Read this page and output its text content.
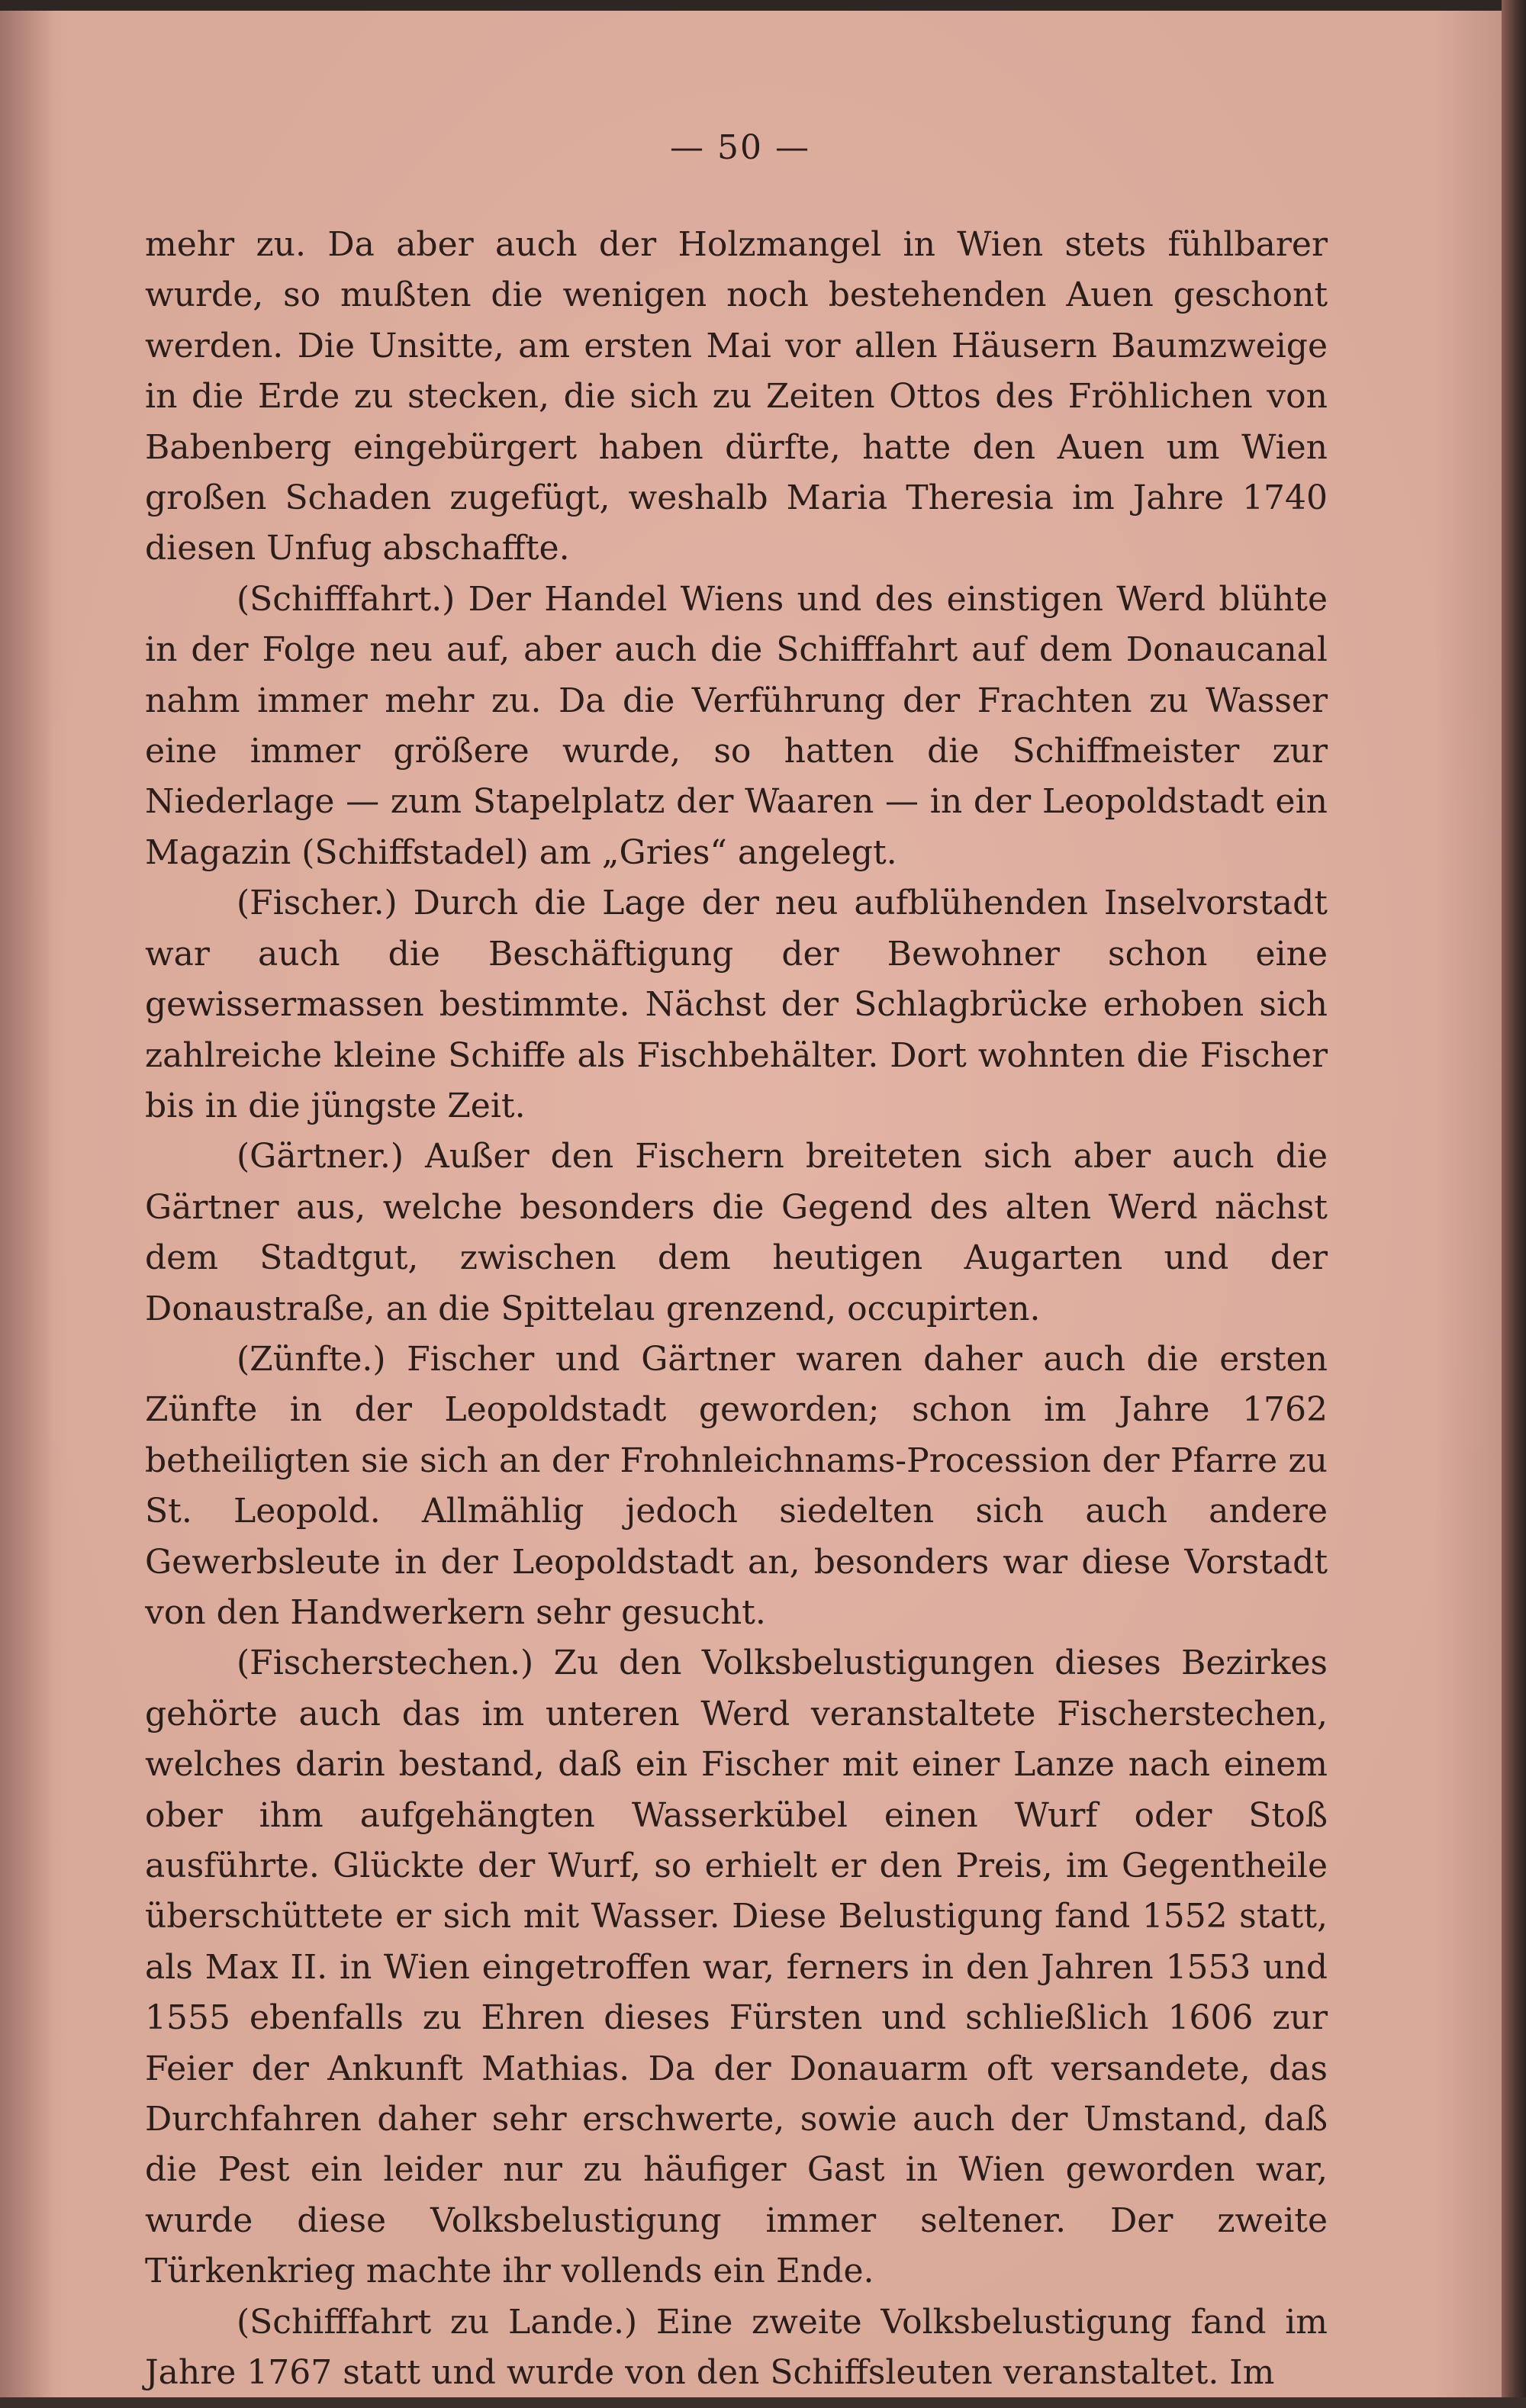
— 50 —

mehr zu. Da aber auch der Holzmangel in Wien stets fühlbarer wurde, so mußten die wenigen noch bestehenden Auen geschont werden. Die Unsitte, am ersten Mai vor allen Häusern Baumzweige in die Erde zu stecken, die sich zu Zeiten Ottos des Fröhlichen von Babenberg eingebürgert haben dürfte, hatte den Auen um Wien großen Schaden zugefügt, weshalb Maria Theresia im Jahre 1740 diesen Unfug abschaffte.

(Schifffahrt.) Der Handel Wiens und des einstigen Werd blühte in der Folge neu auf, aber auch die Schifffahrt auf dem Donaucanal nahm immer mehr zu. Da die Verführung der Frachten zu Wasser eine immer größere wurde, so hatten die Schiffmeister zur Niederlage — zum Stapelplatz der Waaren — in der Leopoldstadt ein Magazin (Schiffstadel) am „Gries“ angelegt.

(Fischer.) Durch die Lage der neu aufblühenden Inselvorstadt war auch die Beschäftigung der Bewohner schon eine gewissermassen bestimmte. Nächst der Schlagbrücke erhoben sich zahlreiche kleine Schiffe als Fischbehälter. Dort wohnten die Fischer bis in die jüngste Zeit.

(Gärtner.) Außer den Fischern breiteten sich aber auch die Gärtner aus, welche besonders die Gegend des alten Werd nächst dem Stadtgut, zwischen dem heutigen Augarten und der Donaustraße, an die Spittelau grenzend, occupirten.

(Zünfte.) Fischer und Gärtner waren daher auch die ersten Zünfte in der Leopoldstadt geworden; schon im Jahre 1762 betheiligten sie sich an der Frohnleichnams-Procession der Pfarre zu St. Leopold. Allmählig jedoch siedelten sich auch andere Gewerbsleute in der Leopoldstadt an, besonders war diese Vorstadt von den Handwerkern sehr gesucht.

(Fischerstechen.) Zu den Volksbelustigungen dieses Bezirkes gehörte auch das im unteren Werd veranstaltete Fischerstechen, welches darin bestand, daß ein Fischer mit einer Lanze nach einem ober ihm aufgehängten Wasserkübel einen Wurf oder Stoß ausführte. Glückte der Wurf, so erhielt er den Preis, im Gegentheile überschüttete er sich mit Wasser. Diese Belustigung fand 1552 statt, als Max II. in Wien eingetroffen war, ferners in den Jahren 1553 und 1555 ebenfalls zu Ehren dieses Fürsten und schließlich 1606 zur Feier der Ankunft Mathias. Da der Donauarm oft versandete, das Durchfahren daher sehr erschwerte, sowie auch der Umstand, daß die Pest ein leider nur zu häufiger Gast in Wien geworden war, wurde diese Volksbelustigung immer seltener. Der zweite Türkenkrieg machte ihr vollends ein Ende.

(Schifffahrt zu Lande.) Eine zweite Volksbelustigung fand im Jahre 1767 statt und wurde von den Schiffsleuten veranstaltet. Im
